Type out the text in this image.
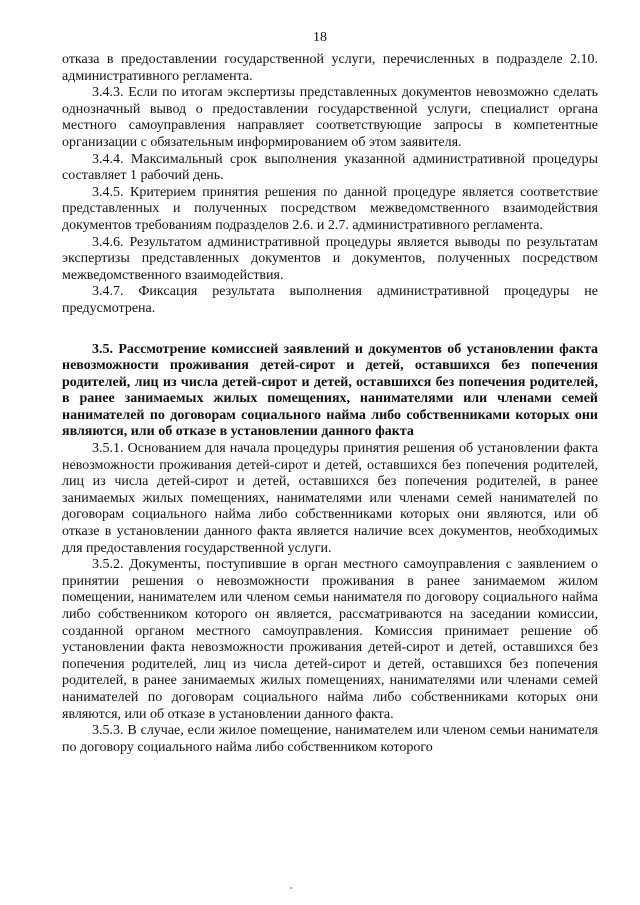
18

отказа в предоставлении государственной услуги, перечисленных в подразделе 2.10. административного регламента.

3.4.3. Если по итогам экспертизы представленных документов невозможно сделать однозначный вывод о предоставлении государственной услуги, специалист органа местного самоуправления направляет соответствующие запросы в компетентные организации с обязательным информированием об этом заявителя.

3.4.4. Максимальный срок выполнения указанной административной процедуры составляет 1 рабочий день.

3.4.5. Критерием принятия решения по данной процедуре является соответствие представленных и полученных посредством межведомственного взаимодействия документов требованиям подразделов 2.6. и 2.7. административного регламента.

3.4.6. Результатом административной процедуры является выводы по результатам экспертизы представленных документов и документов, полученных посредством межведомственного взаимодействия.

3.4.7. Фиксация результата выполнения административной процедуры не предусмотрена.

3.5. Рассмотрение комиссией заявлений и документов об установлении факта невозможности проживания детей-сирот и детей, оставшихся без попечения родителей, лиц из числа детей-сирот и детей, оставшихся без попечения родителей, в ранее занимаемых жилых помещениях, нанимателями или членами семей нанимателей по договорам социального найма либо собственниками которых они являются, или об отказе в установлении данного факта

3.5.1. Основанием для начала процедуры принятия решения об установлении факта невозможности проживания детей-сирот и детей, оставшихся без попечения родителей, лиц из числа детей-сирот и детей, оставшихся без попечения родителей, в ранее занимаемых жилых помещениях, нанимателями или членами семей нанимателей по договорам социального найма либо собственниками которых они являются, или об отказе в установлении данного факта является наличие всех документов, необходимых для предоставления государственной услуги.

3.5.2. Документы, поступившие в орган местного самоуправления с заявлением о принятии решения о невозможности проживания в ранее занимаемом жилом помещении, нанимателем или членом семьи нанимателя по договору социального найма либо собственником которого он является, рассматриваются на заседании комиссии, созданной органом местного самоуправления. Комиссия принимает решение об установлении факта невозможности проживания детей-сирот и детей, оставшихся без попечения родителей, лиц из числа детей-сирот и детей, оставшихся без попечения родителей, в ранее занимаемых жилых помещениях, нанимателями или членами семей нанимателей по договорам социального найма либо собственниками которых они являются, или об отказе в установлении данного факта.

3.5.3. В случае, если жилое помещение, нанимателем или членом семьи нанимателя по договору социального найма либо собственником которого
